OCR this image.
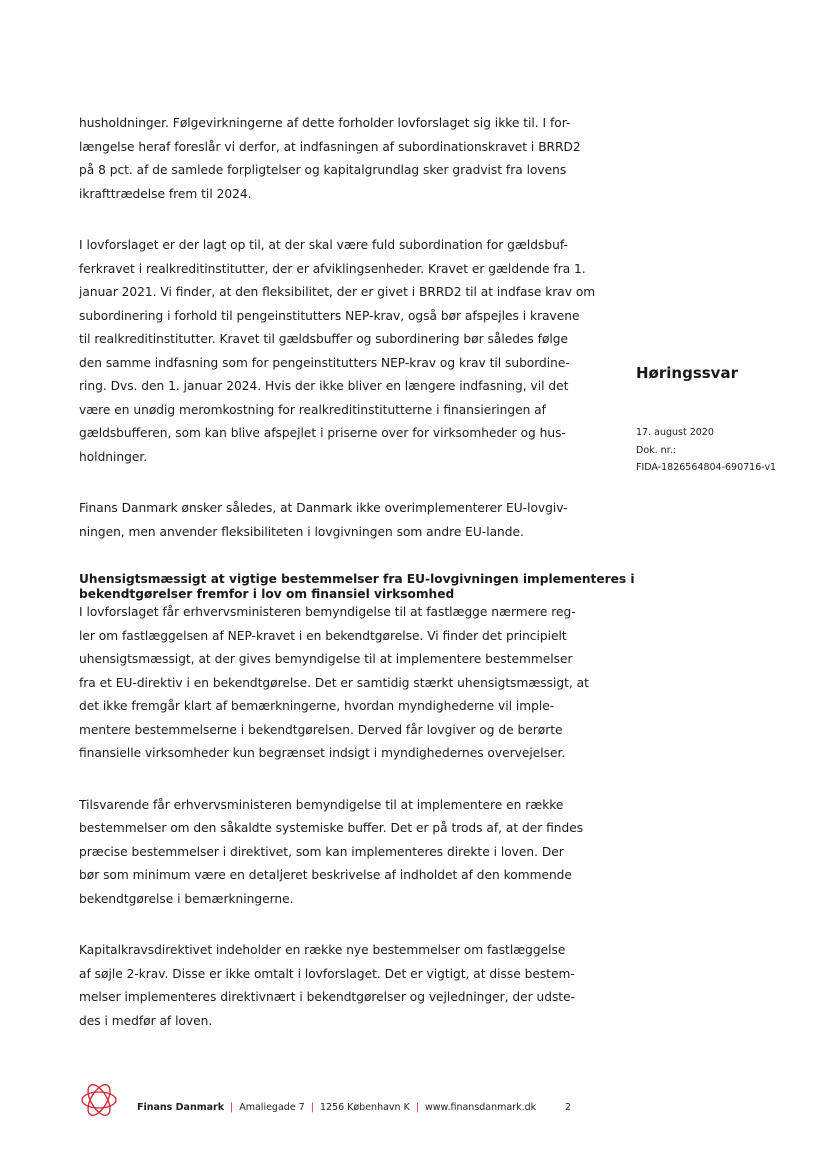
husholdninger. Følgevirkningerne af dette forholder lovforslaget sig ikke til. I for-
længelse heraf foreslår vi derfor, at indfasningen af subordinationskravet i BRRD2
på 8 pct. af de samlede forpligtelser og kapitalgrundlag sker gradvist fra lovens
ikrafttrædelse frem til 2024.

I lovforslaget er der lagt op til, at der skal være fuld subordination for gældsbuf-
ferkravet i realkreditinstitutter, der er afviklingsenheder. Kravet er gældende fra 1.
januar 2021. Vi finder, at den fleksibilitet, der er givet i BRRD2 til at indfase krav om
subordinering i forhold til pengeinstitutters NEP-krav, også bør afspejles i kravene
til realkreditinstitutter. Kravet til gældsbuffer og subordinering bør således følge
den samme indfasning som for pengeinstitutters NEP-krav og krav til subordine-
ring. Dvs. den 1. januar 2024. Hvis der ikke bliver en længere indfasning, vil det
være en unødig meromkostning for realkreditinstitutterne i finansieringen af
gældsbufferen, som kan blive afspejlet i priserne over for virksomheder og hus-
holdninger.

Finans Danmark ønsker således, at Danmark ikke overimplementerer EU-lovgiv-
ningen, men anvender fleksibiliteten i lovgivningen som andre EU-lande.

Uhensigtsmæssigt at vigtige bestemmelser fra EU-lovgivningen implementeres i
bekendtgørelser fremfor i lov om finansiel virksomhed

I lovforslaget får erhvervsministeren bemyndigelse til at fastlægge nærmere reg-
ler om fastlæggelsen af NEP-kravet i en bekendtgørelse. Vi finder det principielt
uhensigtsmæssigt, at der gives bemyndigelse til at implementere bestemmelser
fra et EU-direktiv i en bekendtgørelse. Det er samtidig stærkt uhensigtsmæssigt, at
det ikke fremgår klart af bemærkningerne, hvordan myndighederne vil imple-
mentere bestemmelserne i bekendtgørelsen. Derved får lovgiver og de berørte
finansielle virksomheder kun begrænset indsigt i myndighedernes overvejelser.

Tilsvarende får erhvervsministeren bemyndigelse til at implementere en række
bestemmelser om den såkaldte systemiske buffer. Det er på trods af, at der findes
præcise bestemmelser i direktivet, som kan implementeres direkte i loven. Der
bør som minimum være en detaljeret beskrivelse af indholdet af den kommende
bekendtgørelse i bemærkningerne.

Kapitalkravsdirektivet indeholder en række nye bestemmelser om fastlæggelse
af søjle 2-krav. Disse er ikke omtalt i lovforslaget. Det er vigtigt, at disse bestem-
melser implementeres direktivnært i bekendtgørelser og vejledninger, der udste-
des i medfør af loven.

Høringssvar

17. august 2020

Dok. nr.:

FIDA-1826564804-690716-v1

Finans Danmark | Amaliegade 7 | 1256 København K | www.finansdanmark.dk	2
